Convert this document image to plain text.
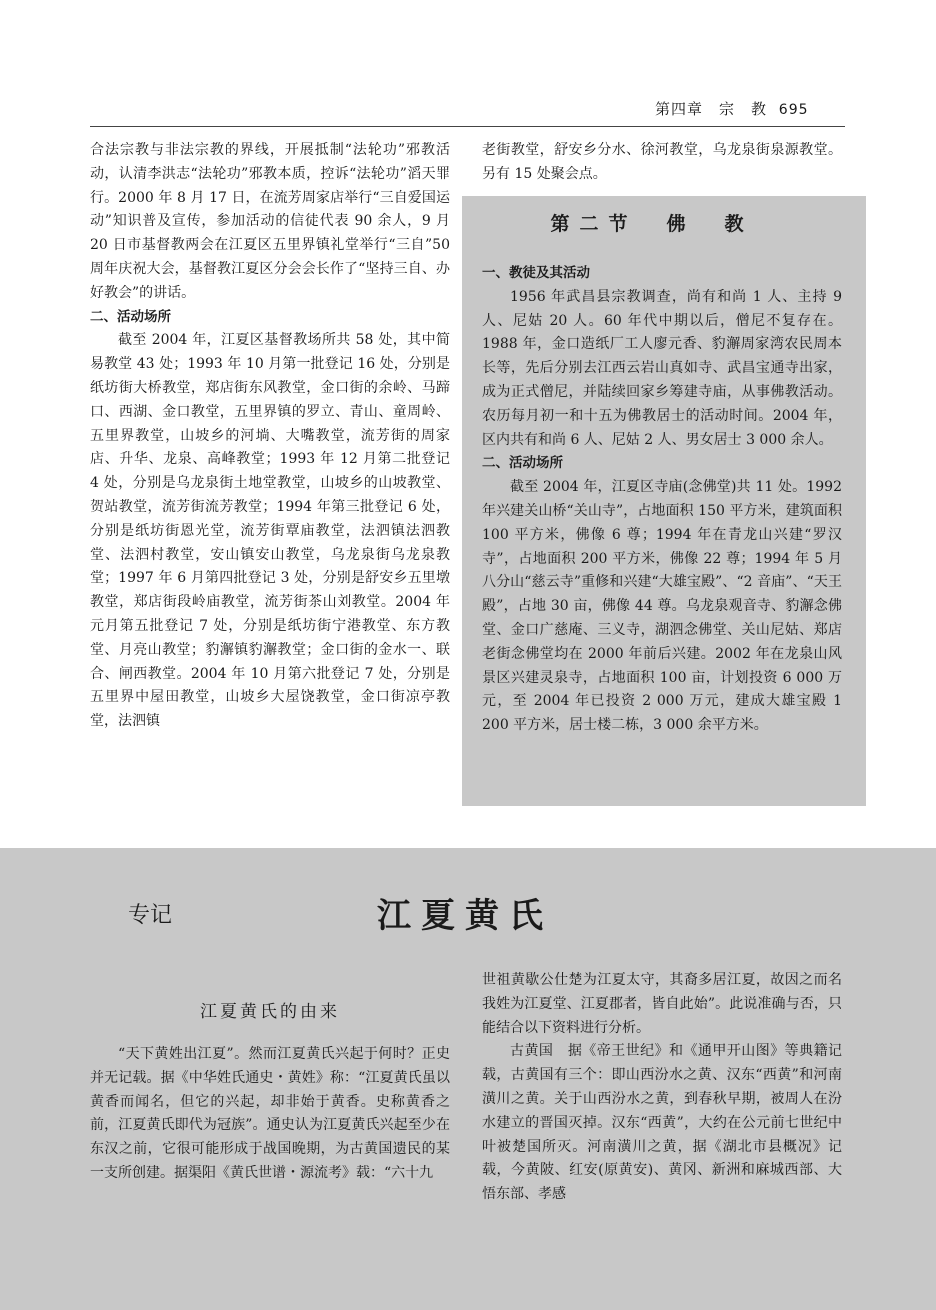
第四章　宗　教 695

合法宗教与非法宗教的界线，开展抵制“法轮功”邪教活动，认清李洪志“法轮功”邪教本质，控诉“法轮功”滔天罪行。2000 年 8 月 17 日，在流芳周家店举行“三自爱国运动”知识普及宣传，参加活动的信徒代表 90 余人，9 月 20 日市基督教两会在江夏区五里界镇礼堂举行“三自”50 周年庆祝大会，基督教江夏区分会会长作了“坚持三自、办好教会”的讲话。

二、活动场所

截至 2004 年，江夏区基督教场所共 58 处，其中简易教堂 43 处；1993 年 10 月第一批登记 16 处，分别是纸坊街大桥教堂，郑店街东风教堂，金口街的余岭、马蹄口、西湖、金口教堂，五里界镇的罗立、青山、童周岭、五里界教堂，山坡乡的河埫、大嘴教堂，流芳街的周家店、升华、龙泉、高峰教堂；1993 年 12 月第二批登记 4 处，分别是乌龙泉街土地堂教堂，山坡乡的山坡教堂、贺站教堂，流芳街流芳教堂；1994 年第三批登记 6 处，分别是纸坊街恩光堂，流芳街覃庙教堂，法泗镇法泗教堂、法泗村教堂，安山镇安山教堂，乌龙泉街乌龙泉教堂；1997 年 6 月第四批登记 3 处，分别是舒安乡五里墩教堂，郑店街段岭庙教堂，流芳街茶山刘教堂。2004 年元月第五批登记 7 处，分别是纸坊街宁港教堂、东方教堂、月亮山教堂；豹澥镇豹澥教堂；金口街的金水一、联合、闸西教堂。2004 年 10 月第六批登记 7 处，分别是五里界中屋田教堂，山坡乡大屋饶教堂，金口街凉亭教堂，法泗镇

老街教堂，舒安乡分水、徐河教堂，乌龙泉街泉源教堂。另有 15 处聚会点。

第二节　佛　教

一、教徒及其活动

1956 年武昌县宗教调查，尚有和尚 1 人、主持 9 人、尼姑 20 人。60 年代中期以后，僧尼不复存在。1988 年，金口造纸厂工人廖元香、豹澥周家湾农民周本长等，先后分别去江西云岩山真如寺、武昌宝通寺出家，成为正式僧尼，并陆续回家乡筹建寺庙，从事佛教活动。农历每月初一和十五为佛教居士的活动时间。2004 年，区内共有和尚 6 人、尼姑 2 人、男女居士 3 000 余人。

二、活动场所

截至 2004 年，江夏区寺庙(念佛堂)共 11 处。1992 年兴建关山桥“关山寺”，占地面积 150 平方米，建筑面积 100 平方米，佛像 6 尊；1994 年在青龙山兴建“罗汉寺”，占地面积 200 平方米，佛像 22 尊；1994 年 5 月八分山“慈云寺”重修和兴建“大雄宝殿”、“2 音庙”、“天王殿”，占地 30 亩，佛像 44 尊。乌龙泉观音寺、豹澥念佛堂、金口广慈庵、三义寺，湖泗念佛堂、关山尼姑、郑店老街念佛堂均在 2000 年前后兴建。2002 年在龙泉山风景区兴建灵泉寺，占地面积 100 亩，计划投资 6 000 万元，至 2004 年已投资 2 000 万元，建成大雄宝殿 1 200 平方米，居士楼二栋，3 000 余平方米。

专记	江夏黄氏
江夏黄氏的由来

“天下黄姓出江夏”。然而江夏黄氏兴起于何时？正史并无记载。据《中华姓氏通史・黄姓》称：“江夏黄氏虽以黄香而闻名，但它的兴起，却非始于黄香。史称黄香之前，江夏黄氏即代为冠族”。通史认为江夏黄氏兴起至少在东汉之前，它很可能形成于战国晚期，为古黄国遗民的某一支所创建。据渠阳《黄氏世谱・源流考》载：“六十九

世祖黄歇公仕楚为江夏太守，其裔多居江夏，故因之而名我姓为江夏堂、江夏郡者，皆自此始”。此说准确与否，只能结合以下资料进行分析。

古黄国　 据《帝王世纪》和《通甲开山图》等典籍记载，古黄国有三个：即山西汾水之黄、汉东“西黄”和河南潢川之黄。关于山西汾水之黄，到春秋早期，被周人在汾水建立的晋国灭掉。汉东“西黄”，大约在公元前七世纪中叶被楚国所灭。河南潢川之黄，据《湖北市县概况》记载，今黄陂、红安(原黄安)、黄冈、新洲和麻城西部、大悟东部、孝感
